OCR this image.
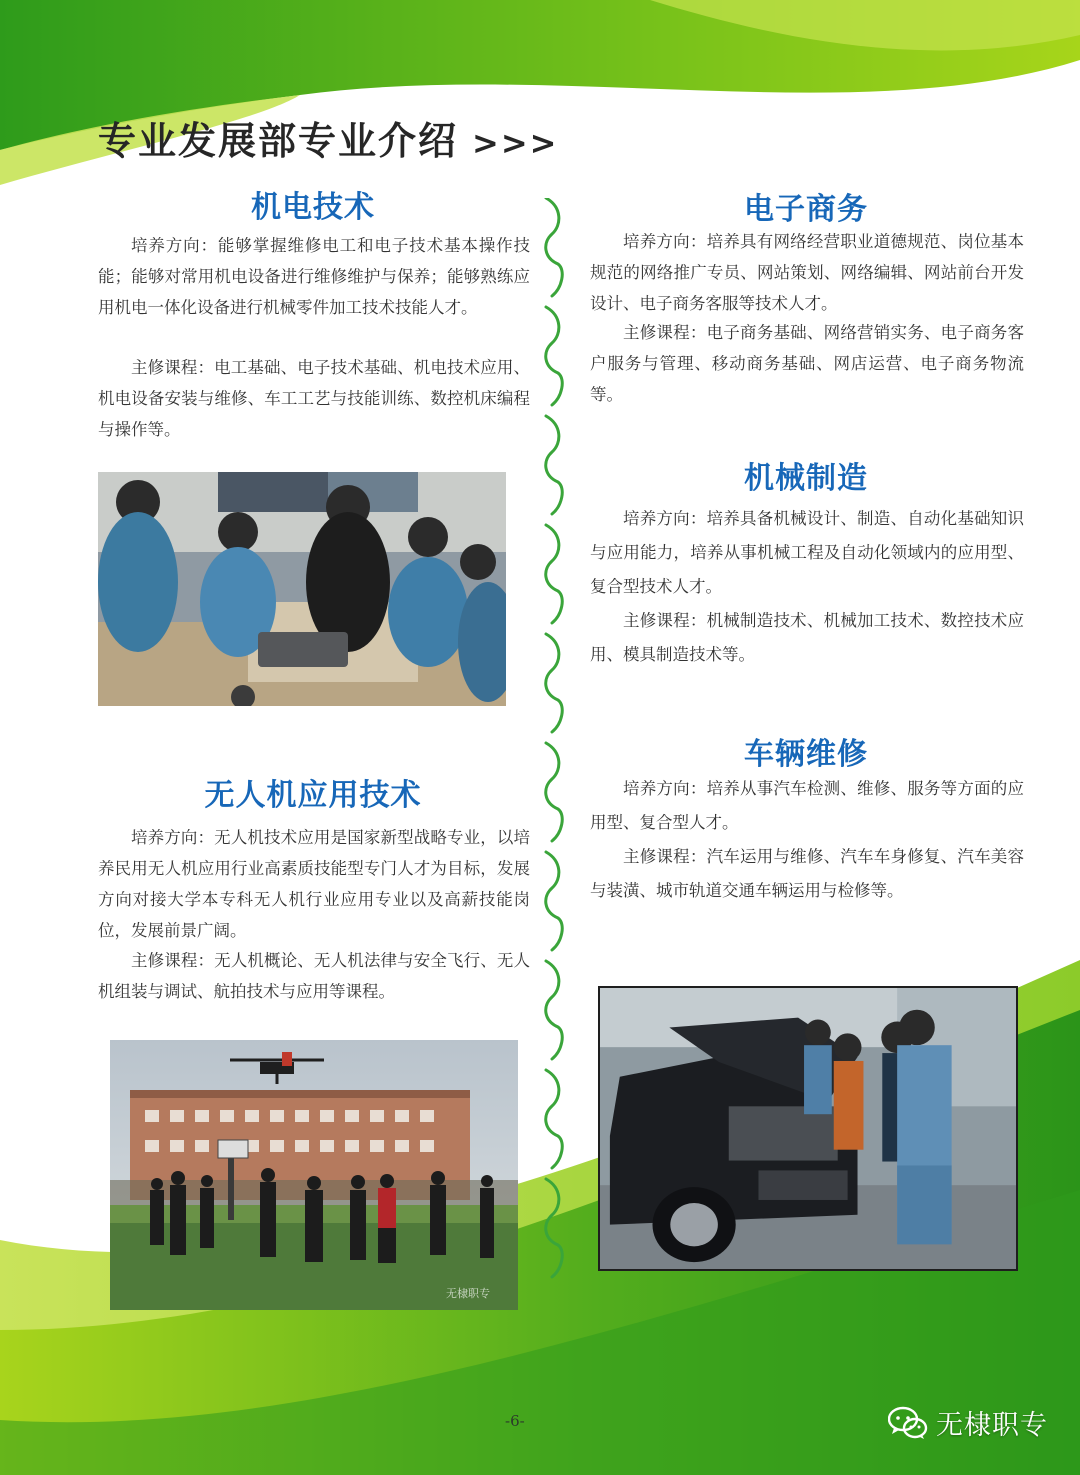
专业发展部专业介绍 >>>
机电技术

培养方向：能够掌握维修电工和电子技术基本操作技能；能够对常用机电设备进行维修维护与保养；能够熟练应用机电一体化设备进行机械零件加工技术技能人才。

主修课程：电工基础、电子技术基础、机电技术应用、机电设备安装与维修、车工工艺与技能训练、数控机床编程与操作等。

无人机应用技术

培养方向：无人机技术应用是国家新型战略专业，以培养民用无人机应用行业高素质技能型专门人才为目标，发展方向对接大学本专科无人机行业应用专业以及高薪技能岗位，发展前景广阔。

主修课程：无人机概论、无人机法律与安全飞行、无人机组装与调试、航拍技术与应用等课程。

无棣职专
电子商务

培养方向：培养具有网络经营职业道德规范、岗位基本规范的网络推广专员、网站策划、网络编辑、网站前台开发设计、电子商务客服等技术人才。

主修课程：电子商务基础、网络营销实务、电子商务客户服务与管理、移动商务基础、网店运营、电子商务物流等。

机械制造

培养方向：培养具备机械设计、制造、自动化基础知识与应用能力，培养从事机械工程及自动化领域内的应用型、复合型技术人才。

主修课程：机械制造技术、机械加工技术、数控技术应用、模具制造技术等。

车辆维修

培养方向：培养从事汽车检测、维修、服务等方面的应用型、复合型人才。

主修课程：汽车运用与维修、汽车车身修复、汽车美容与装潢、城市轨道交通车辆运用与检修等。

-6-	无棣职专
